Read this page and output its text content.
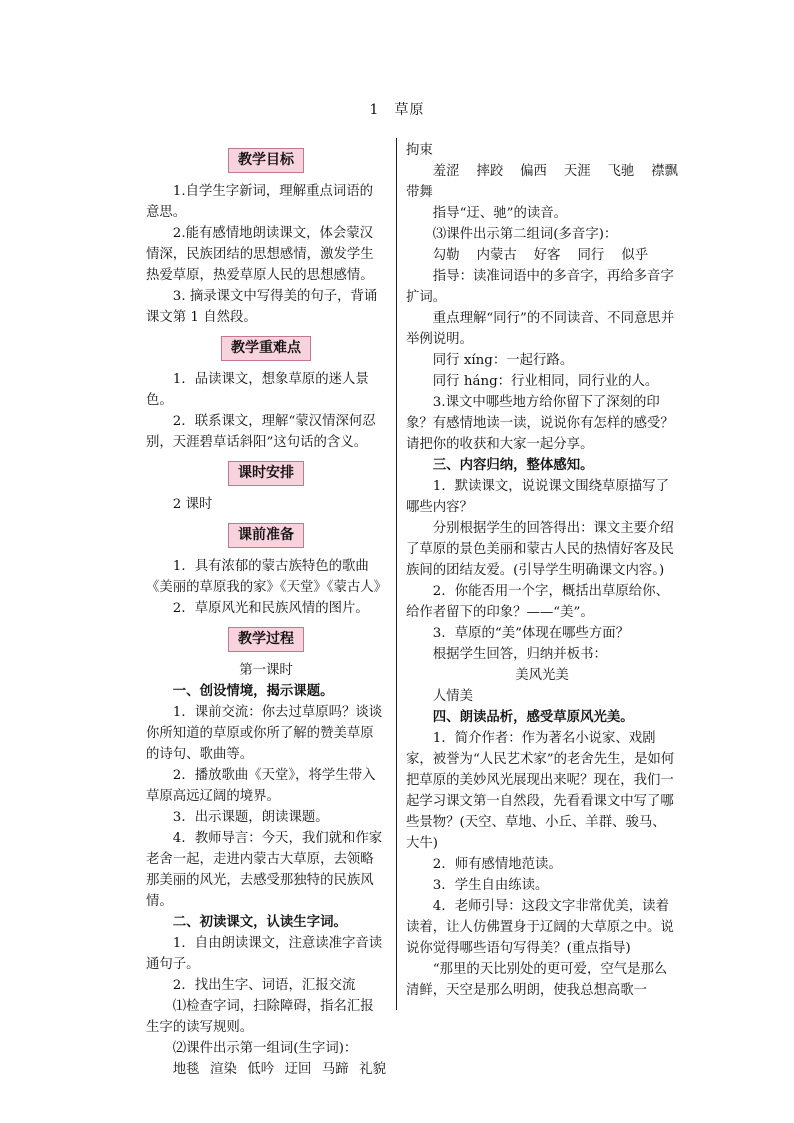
1　草原
教学目标

1.自学生字新词，理解重点词语的意思。

2.能有感情地朗读课文，体会蒙汉情深，民族团结的思想感情，激发学生热爱草原，热爱草原人民的思想感情。

3. 摘录课文中写得美的句子，背诵课文第 1 自然段。

教学重难点

1．品读课文，想象草原的迷人景色。

2．联系课文，理解“蒙汉情深何忍别，天涯碧草话斜阳”这句话的含义。

课时安排

2 课时

课前准备

1．具有浓郁的蒙古族特色的歌曲《美丽的草原我的家》《天堂》《蒙古人》

2．草原风光和民族风情的图片。

教学过程

第一课时

一、创设情境，揭示课题。

1．课前交流：你去过草原吗？谈谈你所知道的草原或你所了解的赞美草原的诗句、歌曲等。

2．播放歌曲《天堂》，将学生带入草原高远辽阔的境界。

3．出示课题，朗读课题。

4．教师导言：今天，我们就和作家老舍一起，走进内蒙古大草原，去领略那美丽的风光，去感受那独特的民族风情。

二、初读课文，认读生字词。

1．自由朗读课文，注意读准字音读通句子。

2．找出生字、词语，汇报交流

⑴检查字词，扫除障碍，指名汇报生字的读写规则。

⑵课件出示第一组词(生字词)：

地毯 渲染 低吟 迂回 马蹄 礼貌

拘束

羞涩 摔跤 偏西 天涯 飞驰 襟飘

带舞

指导“迂、驰”的读音。

⑶课件出示第二组词(多音字)：

勾勒 内蒙古 好客 同行 似乎

指导：读准词语中的多音字，再给多音字扩词。

重点理解“同行”的不同读音、不同意思并举例说明。

同行 xíng：一起行路。

同行 háng：行业相同，同行业的人。

3.课文中哪些地方给你留下了深刻的印象？有感情地读一读，说说你有怎样的感受？请把你的收获和大家一起分享。

三、内容归纳，整体感知。

1．默读课文，说说课文围绕草原描写了哪些内容？

分别根据学生的回答得出：课文主要介绍了草原的景色美丽和蒙古人民的热情好客及民族间的团结友爱。(引导学生明确课文内容。)

2．你能否用一个字，概括出草原给你、给作者留下的印象？——“美”。

3．草原的“美”体现在哪些方面？

根据学生回答，归纳并板书：

美风光美

人情美

四、朗读品析，感受草原风光美。

1．简介作者：作为著名小说家、戏剧家，被誉为“人民艺术家”的老舍先生，是如何把草原的美妙风光展现出来呢？现在，我们一起学习课文第一自然段，先看看课文中写了哪些景物？(天空、草地、小丘、羊群、骏马、大牛)

2．师有感情地范读。

3．学生自由练读。

4．老师引导：这段文字非常优美，读着读着，让人仿佛置身于辽阔的大草原之中。说说你觉得哪些语句写得美？(重点指导)

“那里的天比别处的更可爱，空气是那么清鲜，天空是那么明朗，使我总想高歌一
